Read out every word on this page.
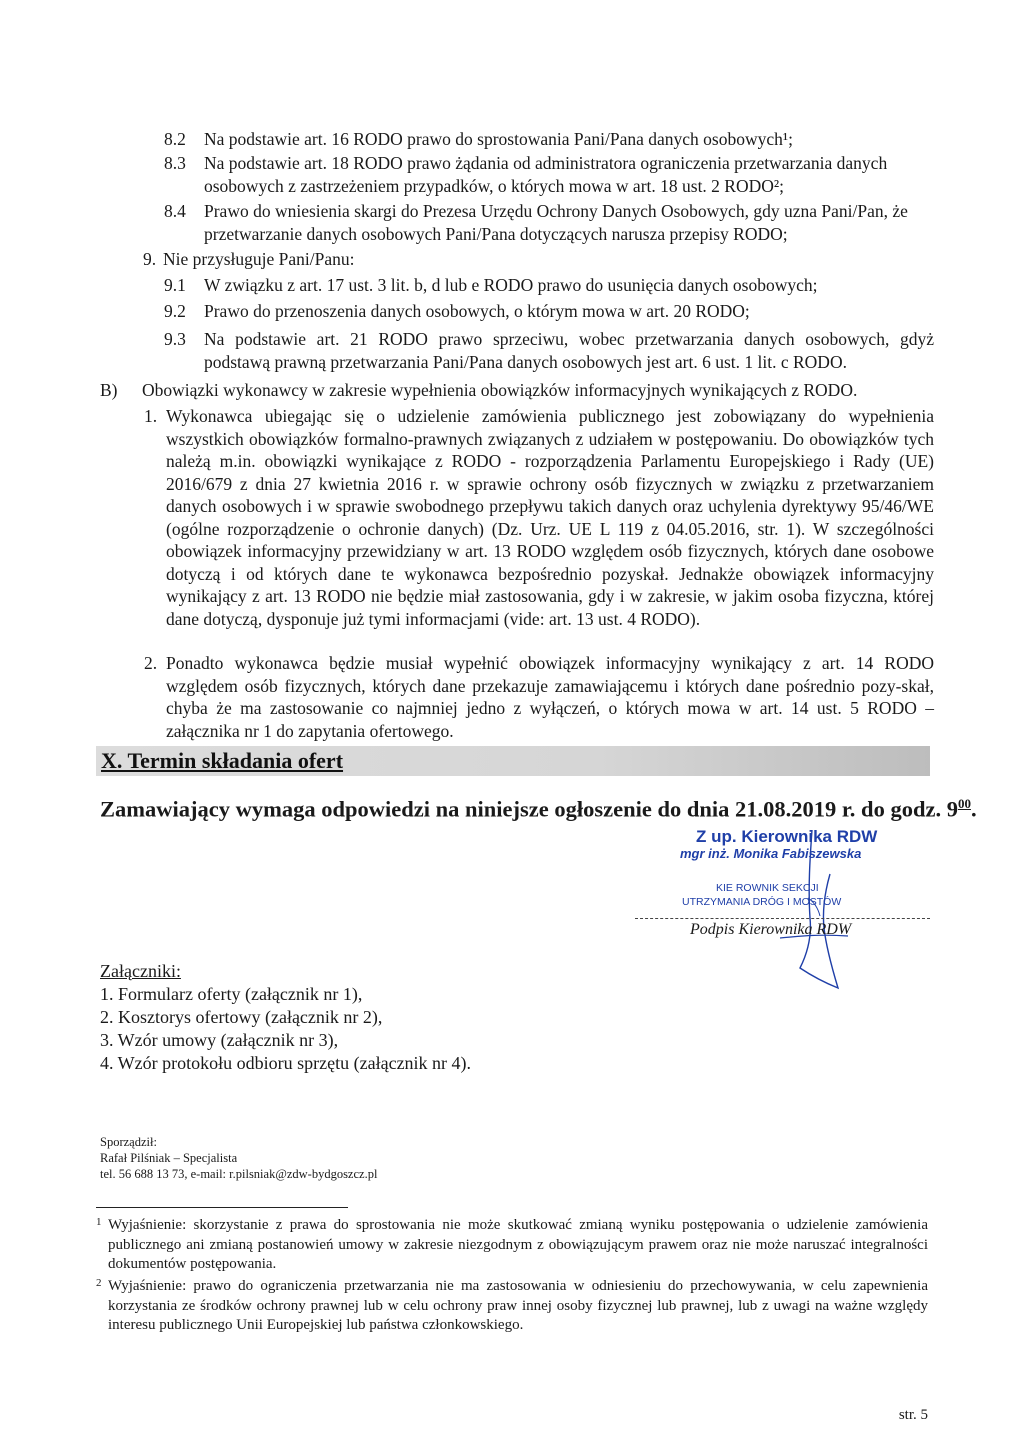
8.2 Na podstawie art. 16 RODO prawo do sprostowania Pani/Pana danych osobowych¹;
8.3 Na podstawie art. 18 RODO prawo żądania od administratora ograniczenia przetwarzania danych osobowych z zastrzeżeniem przypadków, o których mowa w art. 18 ust. 2 RODO²;
8.4 Prawo do wniesienia skargi do Prezesa Urzędu Ochrony Danych Osobowych, gdy uzna Pani/Pan, że przetwarzanie danych osobowych Pani/Pana dotyczących narusza przepisy RODO;
9. Nie przysługuje Pani/Panu:
9.1 W związku z art. 17 ust. 3 lit. b, d lub e RODO prawo do usunięcia danych osobowych;
9.2 Prawo do przenoszenia danych osobowych, o którym mowa w art. 20 RODO;
9.3 Na podstawie art. 21 RODO prawo sprzeciwu, wobec przetwarzania danych osobowych, gdyż podstawą prawną przetwarzania Pani/Pana danych osobowych jest art. 6 ust. 1 lit. c RODO.
B) Obowiązki wykonawcy w zakresie wypełnienia obowiązków informacyjnych wynikających z RODO.
1. Wykonawca ubiegając się o udzielenie zamówienia publicznego jest zobowiązany do wypełnienia wszystkich obowiązków formalno-prawnych związanych z udziałem w postępowaniu. Do obowiązków tych należą m.in. obowiązki wynikające z RODO - rozporządzenia Parlamentu Europejskiego i Rady (UE) 2016/679 z dnia 27 kwietnia 2016 r. w sprawie ochrony osób fizycznych w związku z przetwarzaniem danych osobowych i w sprawie swobodnego przepływu takich danych oraz uchylenia dyrektywy 95/46/WE (ogólne rozporządzenie o ochronie danych) (Dz. Urz. UE L 119 z 04.05.2016, str. 1). W szczególności obowiązek informacyjny przewidziany w art. 13 RODO względem osób fizycznych, których dane osobowe dotyczą i od których dane te wykonawca bezpośrednio pozyskał. Jednakże obowiązek informacyjny wynikający z art. 13 RODO nie będzie miał zastosowania, gdy i w zakresie, w jakim osoba fizyczna, której dane dotyczą, dysponuje już tymi informacjami (vide: art. 13 ust. 4 RODO).
2. Ponadto wykonawca będzie musiał wypełnić obowiązek informacyjny wynikający z art. 14 RODO względem osób fizycznych, których dane przekazuje zamawiającemu i których dane pośrednio pozy-skał, chyba że ma zastosowanie co najmniej jedno z wyłączeń, o których mowa w art. 14 ust. 5 RODO – załącznika nr 1 do zapytania ofertowego.
X. Termin składania ofert
Zamawiający wymaga odpowiedzi na niniejsze ogłoszenie do dnia 21.08.2019 r. do godz. $9^{00}$.
Z up. Kierownika RDW
mgr inż. Monika Fabiszewska
KIE ROWNIK SEKCJI
UTRZYMANIA DRÓG I MOSTÓW
Podpis Kierownika RDW
Załączniki:
1. Formularz oferty (załącznik nr 1),
2. Kosztorys ofertowy (załącznik nr 2),
3. Wzór umowy (załącznik nr 3),
4. Wzór protokołu odbioru sprzętu (załącznik nr 4).
Sporządził:
Rafał Pilśniak – Specjalista
tel. 56 688 13 73, e-mail: r.pilsniak@zdw-bydgoszcz.pl
1 Wyjaśnienie: skorzystanie z prawa do sprostowania nie może skutkować zmianą wyniku postępowania o udzielenie zamówienia publicznego ani zmianą postanowień umowy w zakresie niezgodnym z obowiązującym prawem oraz nie może naruszać integralności dokumentów postępowania.
2 Wyjaśnienie: prawo do ograniczenia przetwarzania nie ma zastosowania w odniesieniu do przechowywania, w celu zapewnienia korzystania ze środków ochrony prawnej lub w celu ochrony praw innej osoby fizycznej lub prawnej, lub z uwagi na ważne względy interesu publicznego Unii Europejskiej lub państwa członkowskiego.
str. 5
